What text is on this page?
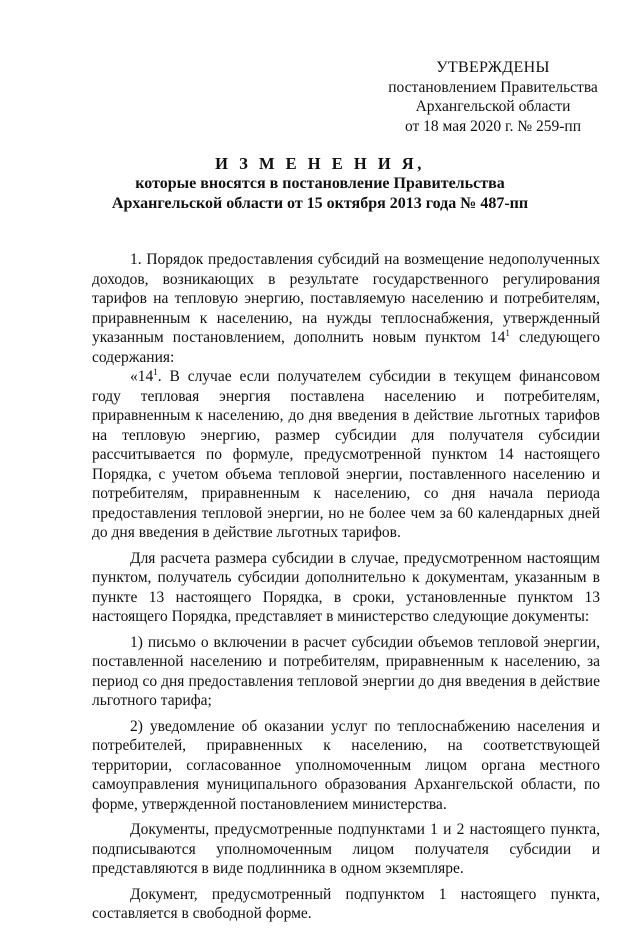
УТВЕРЖДЕНЫ
постановлением Правительства
Архангельской области
от 18 мая 2020 г. № 259-пп
И З М Е Н Е Н И Я,
которые вносятся в постановление Правительства
Архангельской области от 15 октября 2013 года № 487-пп

1. Порядок предоставления субсидий на возмещение недополученных доходов, возникающих в результате государственного регулирования тарифов на тепловую энергию, поставляемую населению и потребителям, приравненным к населению, на нужды теплоснабжения, утвержденный указанным постановлением, дополнить новым пунктом $14^1$ следующего содержания:

«$14^1$. В случае если получателем субсидии в текущем финансовом году тепловая энергия поставлена населению и потребителям, приравненным к населению, до дня введения в действие льготных тарифов на тепловую энергию, размер субсидии для получателя субсидии рассчитывается по формуле, предусмотренной пунктом 14 настоящего Порядка, с учетом объема тепловой энергии, поставленного населению и потребителям, приравненным к населению, со дня начала периода предоставления тепловой энергии, но не более чем за 60 календарных дней до дня введения в действие льготных тарифов.

Для расчета размера субсидии в случае, предусмотренном настоящим пунктом, получатель субсидии дополнительно к документам, указанным в пункте 13 настоящего Порядка, в сроки, установленные пунктом 13 настоящего Порядка, представляет в министерство следующие документы:

1) письмо о включении в расчет субсидии объемов тепловой энергии, поставленной населению и потребителям, приравненным к населению, за период со дня предоставления тепловой энергии до дня введения в действие льготного тарифа;

2) уведомление об оказании услуг по теплоснабжению населения и потребителей, приравненных к населению, на соответствующей территории, согласованное уполномоченным лицом органа местного самоуправления муниципального образования Архангельской области, по форме, утвержденной постановлением министерства.

Документы, предусмотренные подпунктами 1 и 2 настоящего пункта, подписываются уполномоченным лицом получателя субсидии и представляются в виде подлинника в одном экземпляре.

Документ, предусмотренный подпунктом 1 настоящего пункта, составляется в свободной форме.
